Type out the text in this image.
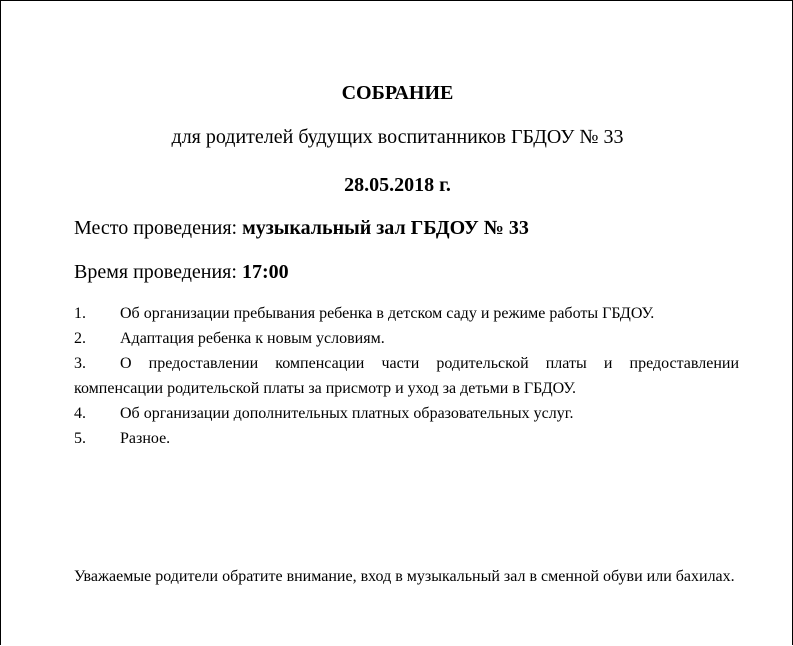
СОБРАНИЕ
для родителей будущих воспитанников ГБДОУ № 33
28.05.2018 г.
Место проведения: музыкальный зал ГБДОУ № 33
Время проведения: 17:00
1. Об организации пребывания ребенка в детском саду и режиме работы ГБДОУ.
2. Адаптация ребенка к новым условиям.
3. О предоставлении компенсации части родительской платы и предоставлении компенсации родительской платы за присмотр и уход за детьми в ГБДОУ.
4. Об организации дополнительных платных образовательных услуг.
5. Разное.

Уважаемые родители обратите внимание, вход в музыкальный зал в сменной обуви или бахилах.
